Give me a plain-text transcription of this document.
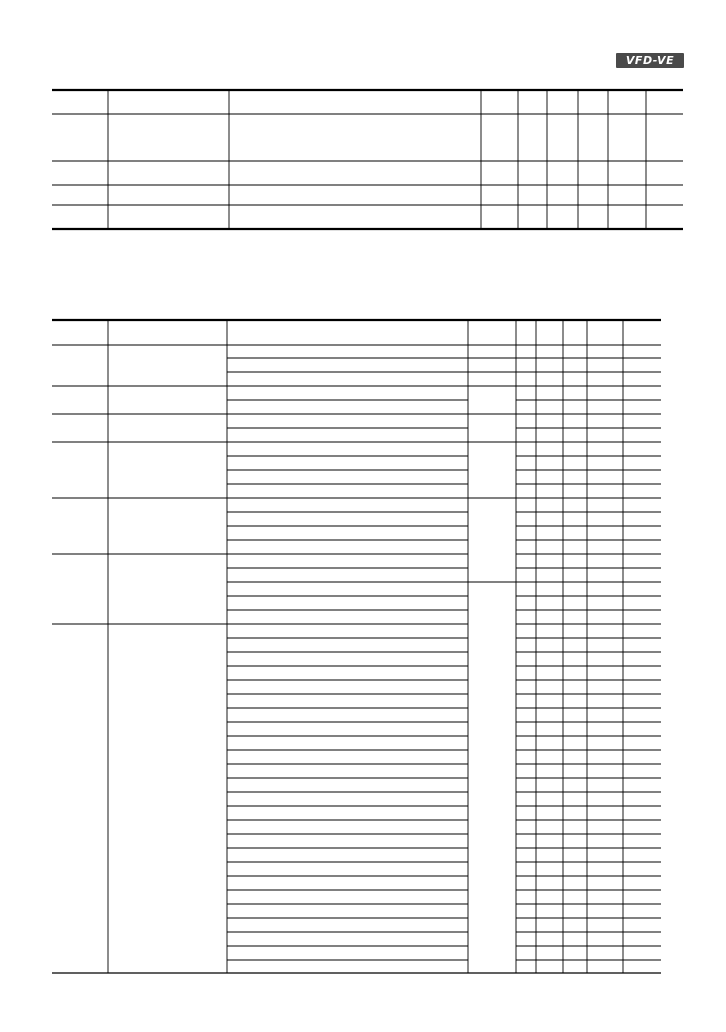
VFD-VE
